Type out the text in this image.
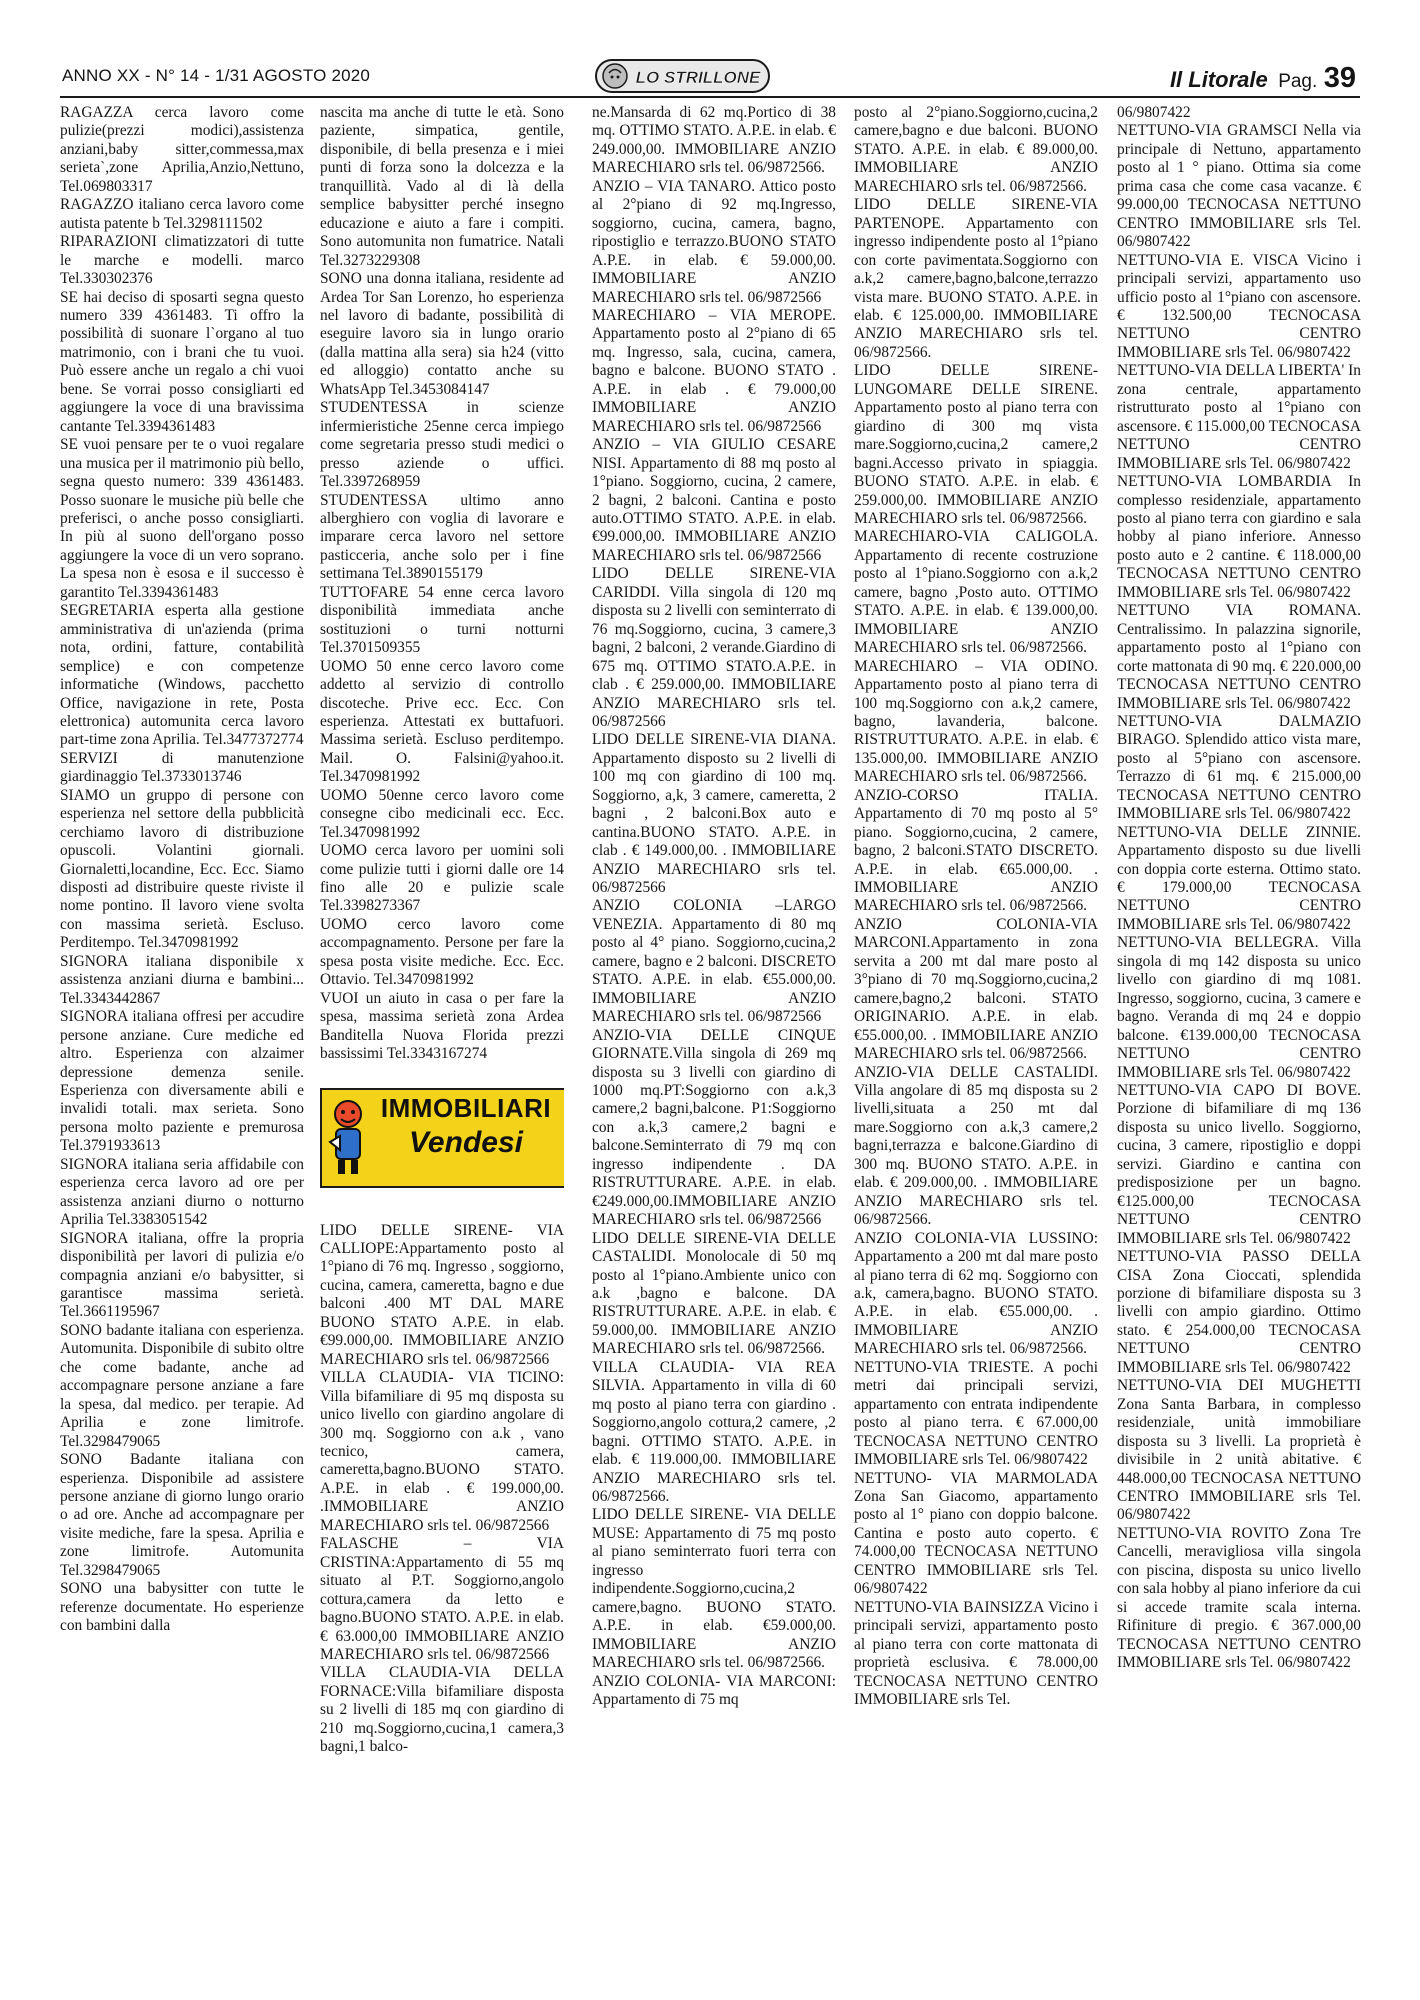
ANNO XX - N° 14 - 1/31 AGOSTO 2020	Il Litorale Pag. 39
LO STRILLONE

RAGAZZA cerca lavoro come pulizie(prezzi modici),assistenza anziani,baby sitter,commessa,max serieta`,zone Aprilia,Anzio,Nettuno, Tel.069803317

RAGAZZO italiano cerca lavoro come autista patente b Tel.3298111502

RIPARAZIONI climatizzatori di tutte le marche e modelli. marco Tel.330302376

SE hai deciso di sposarti segna questo numero 339 4361483. Ti offro la possibilità di suonare l`organo al tuo matrimonio, con i brani che tu vuoi. Può essere anche un regalo a chi vuoi bene. Se vorrai posso consigliarti ed aggiungere la voce di una bravissima cantante Tel.3394361483

SE vuoi pensare per te o vuoi regalare una musica per il matrimonio più bello, segna questo numero: 339 4361483. Posso suonare le musiche più belle che preferisci, o anche posso consigliarti. In più al suono dell'organo posso aggiungere la voce di un vero soprano. La spesa non è esosa e il successo è garantito Tel.3394361483

SEGRETARIA esperta alla gestione amministrativa di un'azienda (prima nota, ordini, fatture, contabilità semplice) e con competenze informatiche (Windows, pacchetto Office, navigazione in rete, Posta elettronica) automunita cerca lavoro part-time zona Aprilia. Tel.3477372774

SERVIZI di manutenzione giardinaggio Tel.3733013746

SIAMO un gruppo di persone con esperienza nel settore della pubblicità cerchiamo lavoro di distribuzione opuscoli. Volantini giornali. Giornaletti,locandine, Ecc. Ecc. Siamo disposti ad distribuire queste riviste il nome pontino. Il lavoro viene svolta con massima serietà. Escluso. Perditempo. Tel.3470981992

SIGNORA italiana disponibile x assistenza anziani diurna e bambini... Tel.3343442867

SIGNORA italiana offresi per accudire persone anziane. Cure mediche ed altro. Esperienza con alzaimer depressione demenza senile. Esperienza con diversamente abili e invalidi totali. max serieta. Sono persona molto paziente e premurosa Tel.3791933613

SIGNORA italiana seria affidabile con esperienza cerca lavoro ad ore per assistenza anziani diurno o notturno Aprilia Tel.3383051542

SIGNORA italiana, offre la propria disponibilità per lavori di pulizia e/o compagnia anziani e/o babysitter, si garantisce massima serietà. Tel.3661195967

SONO badante italiana con esperienza. Automunita. Disponibile di subito oltre che come badante, anche ad accompagnare persone anziane a fare la spesa, dal medico. per terapie. Ad Aprilia e zone limitrofe. Tel.3298479065

SONO Badante italiana con esperienza. Disponibile ad assistere persone anziane di giorno lungo orario o ad ore. Anche ad accompagnare per visite mediche, fare la spesa. Aprilia e zone limitrofe. Automunita Tel.3298479065

SONO una babysitter con tutte le referenze documentate. Ho esperienze con bambini dalla

nascita ma anche di tutte le età. Sono paziente, simpatica, gentile, disponibile, di bella presenza e i miei punti di forza sono la dolcezza e la tranquillità. Vado al di là della semplice babysitter perché insegno educazione e aiuto a fare i compiti. Sono automunita non fumatrice. Natali Tel.3273229308

SONO una donna italiana, residente ad Ardea Tor San Lorenzo, ho esperienza nel lavoro di badante, possibilità di eseguire lavoro sia in lungo orario (dalla mattina alla sera) sia h24 (vitto ed alloggio) contatto anche su WhatsApp Tel.3453084147

STUDENTESSA in scienze infermieristiche 25enne cerca impiego come segretaria presso studi medici o presso aziende o uffici. Tel.3397268959

STUDENTESSA ultimo anno alberghiero con voglia di lavorare e imparare cerca lavoro nel settore pasticceria, anche solo per i fine settimana Tel.3890155179

TUTTOFARE 54 enne cerca lavoro disponibilità immediata anche sostituzioni o turni notturni Tel.3701509355

UOMO 50 enne cerco lavoro come addetto al servizio di controllo discoteche. Prive ecc. Ecc. Con esperienza. Attestati ex buttafuori. Massima serietà. Escluso perditempo. Mail. O. Falsini@yahoo.it. Tel.3470981992

UOMO 50enne cerco lavoro come consegne cibo medicinali ecc. Ecc. Tel.3470981992

UOMO cerca lavoro per uomini soli come pulizie tutti i giorni dalle ore 14 fino alle 20 e pulizie scale Tel.3398273367

UOMO cerco lavoro come accompagnamento. Persone per fare la spesa posta visite mediche. Ecc. Ecc. Ottavio. Tel.3470981992

VUOI un aiuto in casa o per fare la spesa, massima serietà zona Ardea Banditella Nuova Florida prezzi bassissimi Tel.3343167274

IMMOBILIARI
Vendesi

LIDO DELLE SIRENE- VIA CALLIOPE:Appartamento posto al 1°piano di 76 mq. Ingresso , soggiorno, cucina, camera, cameretta, bagno e due balconi .400 MT DAL MARE BUONO STATO A.P.E. in elab. €99.000,00. IMMOBILIARE ANZIO MARECHIARO srls tel. 06/9872566

VILLA CLAUDIA- VIA TICINO: Villa bifamiliare di 95 mq disposta su unico livello con giardino angolare di 300 mq. Soggiorno con a.k , vano tecnico, camera, cameretta,bagno.BUONO STATO. A.P.E. in elab . € 199.000,00. .IMMOBILIARE ANZIO MARECHIARO srls tel. 06/9872566

FALASCHE – VIA CRISTINA:Appartamento di 55 mq situato al P.T. Soggiorno,angolo cottura,camera da letto e bagno.BUONO STATO. A.P.E. in elab. € 63.000,00 IMMOBILIARE ANZIO MARECHIARO srls tel. 06/9872566

VILLA CLAUDIA-VIA DELLA FORNACE:Villa bifamiliare disposta su 2 livelli di 185 mq con giardino di 210 mq.Soggiorno,cucina,1 camera,3 bagni,1 balco-

ne.Mansarda di 62 mq.Portico di 38 mq. OTTIMO STATO. A.P.E. in elab. € 249.000,00. IMMOBILIARE ANZIO MARECHIARO srls tel. 06/9872566.

ANZIO – VIA TANARO. Attico posto al 2°piano di 92 mq.Ingresso, soggiorno, cucina, camera, bagno, ripostiglio e terrazzo.BUONO STATO A.P.E. in elab. € 59.000,00. IMMOBILIARE ANZIO MARECHIARO srls tel. 06/9872566

MARECHIARO – VIA MEROPE. Appartamento posto al 2°piano di 65 mq. Ingresso, sala, cucina, camera, bagno e balcone. BUONO STATO . A.P.E. in elab . € 79.000,00 IMMOBILIARE ANZIO MARECHIARO srls tel. 06/9872566

ANZIO – VIA GIULIO CESARE NISI. Appartamento di 88 mq posto al 1°piano. Soggiorno, cucina, 2 camere, 2 bagni, 2 balconi. Cantina e posto auto.OTTIMO STATO. A.P.E. in elab. €99.000,00. IMMOBILIARE ANZIO MARECHIARO srls tel. 06/9872566

LIDO DELLE SIRENE-VIA CARIDDI. Villa singola di 120 mq disposta su 2 livelli con seminterrato di 76 mq.Soggiorno, cucina, 3 camere,3 bagni, 2 balconi, 2 verande.Giardino di 675 mq. OTTIMO STATO.A.P.E. in clab . € 259.000,00. IMMOBILIARE ANZIO MARECHIARO srls tel. 06/9872566

LIDO DELLE SIRENE-VIA DIANA. Appartamento disposto su 2 livelli di 100 mq con giardino di 100 mq. Soggiorno, a,k, 3 camere, cameretta, 2 bagni , 2 balconi.Box auto e cantina.BUONO STATO. A.P.E. in clab . € 149.000,00. . IMMOBILIARE ANZIO MARECHIARO srls tel. 06/9872566

ANZIO COLONIA –LARGO VENEZIA. Appartamento di 80 mq posto al 4° piano. Soggiorno,cucina,2 camere, bagno e 2 balconi. DISCRETO STATO. A.P.E. in elab. €55.000,00. IMMOBILIARE ANZIO MARECHIARO srls tel. 06/9872566

ANZIO-VIA DELLE CINQUE GIORNATE.Villa singola di 269 mq disposta su 3 livelli con giardino di 1000 mq.PT:Soggiorno con a.k,3 camere,2 bagni,balcone. P1:Soggiorno con a.k,3 camere,2 bagni e balcone.Seminterrato di 79 mq con ingresso indipendente . DA RISTRUTTURARE. A.P.E. in elab. €249.000,00.IMMOBILIARE ANZIO MARECHIARO srls tel. 06/9872566

LIDO DELLE SIRENE-VIA DELLE CASTALIDI. Monolocale di 50 mq posto al 1°piano.Ambiente unico con a.k ,bagno e balcone. DA RISTRUTTURARE. A.P.E. in elab. € 59.000,00. IMMOBILIARE ANZIO MARECHIARO srls tel. 06/9872566.

VILLA CLAUDIA- VIA REA SILVIA. Appartamento in villa di 60 mq posto al piano terra con giardino . Soggiorno,angolo cottura,2 camere, ,2 bagni. OTTIMO STATO. A.P.E. in elab. € 119.000,00. IMMOBILIARE ANZIO MARECHIARO srls tel. 06/9872566.

LIDO DELLE SIRENE- VIA DELLE MUSE: Appartamento di 75 mq posto al piano seminterrato fuori terra con ingresso indipendente.Soggiorno,cucina,2 camere,bagno. BUONO STATO. A.P.E. in elab. €59.000,00. IMMOBILIARE ANZIO MARECHIARO srls tel. 06/9872566.

ANZIO COLONIA- VIA MARCONI: Appartamento di 75 mq

posto al 2°piano.Soggiorno,cucina,2 camere,bagno e due balconi. BUONO STATO. A.P.E. in elab. € 89.000,00. IMMOBILIARE ANZIO MARECHIARO srls tel. 06/9872566.

LIDO DELLE SIRENE-VIA PARTENOPE. Appartamento con ingresso indipendente posto al 1°piano con corte pavimentata.Soggiorno con a.k,2 camere,bagno,balcone,terrazzo vista mare. BUONO STATO. A.P.E. in elab. € 125.000,00. IMMOBILIARE ANZIO MARECHIARO srls tel. 06/9872566.

LIDO DELLE SIRENE-LUNGOMARE DELLE SIRENE. Appartamento posto al piano terra con giardino di 300 mq vista mare.Soggiorno,cucina,2 camere,2 bagni.Accesso privato in spiaggia. BUONO STATO. A.P.E. in elab. € 259.000,00. IMMOBILIARE ANZIO MARECHIARO srls tel. 06/9872566.

MARECHIARO-VIA CALIGOLA. Appartamento di recente costruzione posto al 1°piano.Soggiorno con a.k,2 camere, bagno ,Posto auto. OTTIMO STATO. A.P.E. in elab. € 139.000,00. IMMOBILIARE ANZIO MARECHIARO srls tel. 06/9872566.

MARECHIARO – VIA ODINO. Appartamento posto al piano terra di 100 mq.Soggiorno con a.k,2 camere, bagno, lavanderia, balcone. RISTRUTTURATO. A.P.E. in elab. € 135.000,00. IMMOBILIARE ANZIO MARECHIARO srls tel. 06/9872566.

ANZIO-CORSO ITALIA. Appartamento di 70 mq posto al 5° piano. Soggiorno,cucina, 2 camere, bagno, 2 balconi.STATO DISCRETO. A.P.E. in elab. €65.000,00. . IMMOBILIARE ANZIO MARECHIARO srls tel. 06/9872566.

ANZIO COLONIA-VIA MARCONI.Appartamento in zona servita a 200 mt dal mare posto al 3°piano di 70 mq.Soggiorno,cucina,2 camere,bagno,2 balconi. STATO ORIGINARIO. A.P.E. in elab. €55.000,00. . IMMOBILIARE ANZIO MARECHIARO srls tel. 06/9872566.

ANZIO-VIA DELLE CASTALIDI. Villa angolare di 85 mq disposta su 2 livelli,situata a 250 mt dal mare.Soggiorno con a.k,3 camere,2 bagni,terrazza e balcone.Giardino di 300 mq. BUONO STATO. A.P.E. in elab. € 209.000,00. . IMMOBILIARE ANZIO MARECHIARO srls tel. 06/9872566.

ANZIO COLONIA-VIA LUSSINO: Appartamento a 200 mt dal mare posto al piano terra di 62 mq. Soggiorno con a.k, camera,bagno. BUONO STATO. A.P.E. in elab. €55.000,00. . IMMOBILIARE ANZIO MARECHIARO srls tel. 06/9872566.

NETTUNO-VIA TRIESTE. A pochi metri dai principali servizi, appartamento con entrata indipendente posto al piano terra. € 67.000,00 TECNOCASA NETTUNO CENTRO IMMOBILIARE srls Tel. 06/9807422

NETTUNO- VIA MARMOLADA Zona San Giacomo, appartamento posto al 1° piano con doppio balcone. Cantina e posto auto coperto. € 74.000,00 TECNOCASA NETTUNO CENTRO IMMOBILIARE srls Tel. 06/9807422

NETTUNO-VIA BAINSIZZA Vicino i principali servizi, appartamento posto al piano terra con corte mattonata di proprietà esclusiva. € 78.000,00 TECNOCASA NETTUNO CENTRO IMMOBILIARE srls Tel.

06/9807422

NETTUNO-VIA GRAMSCI Nella via principale di Nettuno, appartamento posto al 1 ° piano. Ottima sia come prima casa che come casa vacanze. € 99.000,00 TECNOCASA NETTUNO CENTRO IMMOBILIARE srls Tel. 06/9807422

NETTUNO-VIA E. VISCA Vicino i principali servizi, appartamento uso ufficio posto al 1°piano con ascensore. € 132.500,00 TECNOCASA NETTUNO CENTRO IMMOBILIARE srls Tel. 06/9807422

NETTUNO-VIA DELLA LIBERTA' In zona centrale, appartamento ristrutturato posto al 1°piano con ascensore. € 115.000,00 TECNOCASA NETTUNO CENTRO IMMOBILIARE srls Tel. 06/9807422

NETTUNO-VIA LOMBARDIA In complesso residenziale, appartamento posto al piano terra con giardino e sala hobby al piano inferiore. Annesso posto auto e 2 cantine. € 118.000,00 TECNOCASA NETTUNO CENTRO IMMOBILIARE srls Tel. 06/9807422

NETTUNO VIA ROMANA. Centralissimo. In palazzina signorile, appartamento posto al 1°piano con corte mattonata di 90 mq. € 220.000,00 TECNOCASA NETTUNO CENTRO IMMOBILIARE srls Tel. 06/9807422

NETTUNO-VIA DALMAZIO BIRAGO. Splendido attico vista mare, posto al 5°piano con ascensore. Terrazzo di 61 mq. € 215.000,00 TECNOCASA NETTUNO CENTRO IMMOBILIARE srls Tel. 06/9807422

NETTUNO-VIA DELLE ZINNIE. Appartamento disposto su due livelli con doppia corte esterna. Ottimo stato. € 179.000,00 TECNOCASA NETTUNO CENTRO IMMOBILIARE srls Tel. 06/9807422

NETTUNO-VIA BELLEGRA. Villa singola di mq 142 disposta su unico livello con giardino di mq 1081. Ingresso, soggiorno, cucina, 3 camere e bagno. Veranda di mq 24 e doppio balcone. €139.000,00 TECNOCASA NETTUNO CENTRO IMMOBILIARE srls Tel. 06/9807422

NETTUNO-VIA CAPO DI BOVE. Porzione di bifamiliare di mq 136 disposta su unico livello. Soggiorno, cucina, 3 camere, ripostiglio e doppi servizi. Giardino e cantina con predisposizione per un bagno. €125.000,00 TECNOCASA NETTUNO CENTRO IMMOBILIARE srls Tel. 06/9807422

NETTUNO-VIA PASSO DELLA CISA Zona Cioccati, splendida porzione di bifamiliare disposta su 3 livelli con ampio giardino. Ottimo stato. € 254.000,00 TECNOCASA NETTUNO CENTRO IMMOBILIARE srls Tel. 06/9807422

NETTUNO-VIA DEI MUGHETTI Zona Santa Barbara, in complesso residenziale, unità immobiliare disposta su 3 livelli. La proprietà è divisibile in 2 unità abitative. € 448.000,00 TECNOCASA NETTUNO CENTRO IMMOBILIARE srls Tel. 06/9807422

NETTUNO-VIA ROVITO Zona Tre Cancelli, meravigliosa villa singola con piscina, disposta su unico livello con sala hobby al piano inferiore da cui si accede tramite scala interna. Rifiniture di pregio. € 367.000,00 TECNOCASA NETTUNO CENTRO IMMOBILIARE srls Tel. 06/9807422
